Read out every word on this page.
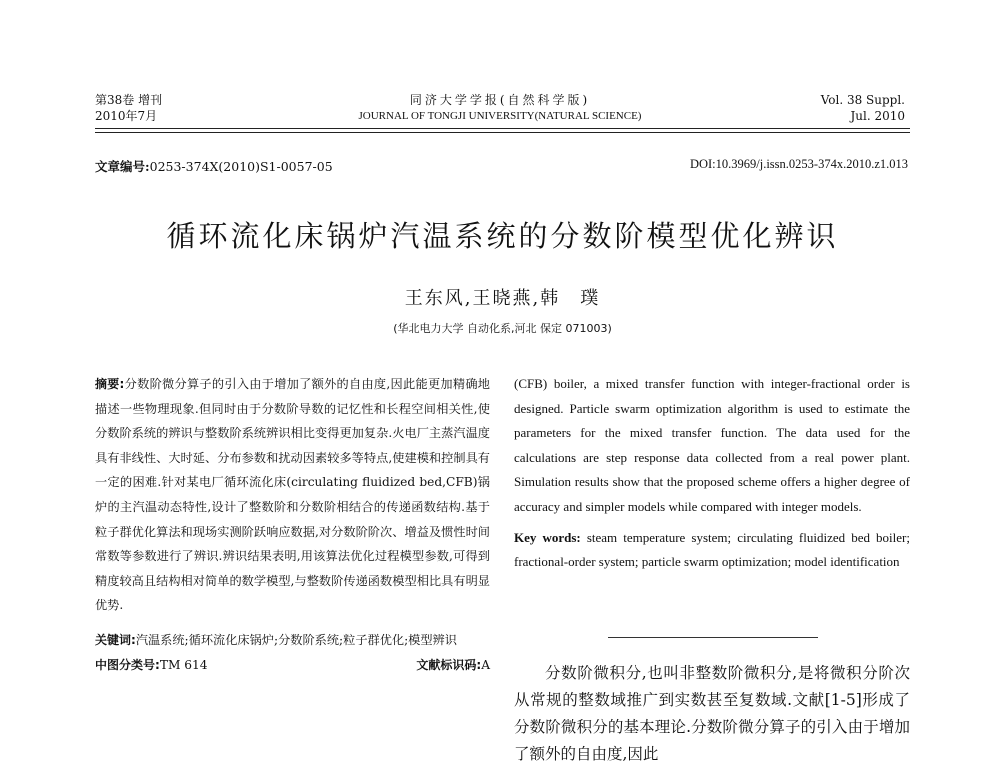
第38卷 增刊
2010年7月
同济大学学报(自然科学版)
JOURNAL OF TONGJI UNIVERSITY(NATURAL SCIENCE)
Vol. 38 Suppl.
Jul. 2010
文章编号:0253-374X(2010)S1-0057-05	DOI:10.3969/j.issn.0253-374x.2010.z1.013
循环流化床锅炉汽温系统的分数阶模型优化辨识
王东风,王晓燕,韩　璞
(华北电力大学 自动化系,河北 保定 071003)
摘要:分数阶微分算子的引入由于增加了额外的自由度,因此能更加精确地描述一些物理现象.但同时由于分数阶导数的记忆性和长程空间相关性,使分数阶系统的辨识与整数阶系统辨识相比变得更加复杂.火电厂主蒸汽温度具有非线性、大时延、分布参数和扰动因素较多等特点,使建模和控制具有一定的困难.针对某电厂循环流化床(circulating fluidized bed,CFB)锅炉的主汽温动态特性,设计了整数阶和分数阶相结合的传递函数结构.基于粒子群优化算法和现场实测阶跃响应数据,对分数阶阶次、增益及惯性时间常数等参数进行了辨识.辨识结果表明,用该算法优化过程模型参数,可得到精度较高且结构相对简单的数学模型,与整数阶传递函数模型相比具有明显优势.
关键词:汽温系统;循环流化床锅炉;分数阶系统;粒子群优化;模型辨识
中图分类号:TM 614	文献标识码:A
(CFB) boiler, a mixed transfer function with integer-fractional order is designed. Particle swarm optimization algorithm is used to estimate the parameters for the mixed transfer function. The data used for the calculations are step response data collected from a real power plant. Simulation results show that the proposed scheme offers a higher degree of accuracy and simpler models while compared with integer models.
Key words: steam temperature system; circulating fluidized bed boiler; fractional-order system; particle swarm optimization; model identification
分数阶微积分,也叫非整数阶微积分,是将微积分阶次从常规的整数域推广到实数甚至复数域.文献[1-5]形成了分数阶微积分的基本理论.分数阶微分算子的引入由于增加了额外的自由度,因此
